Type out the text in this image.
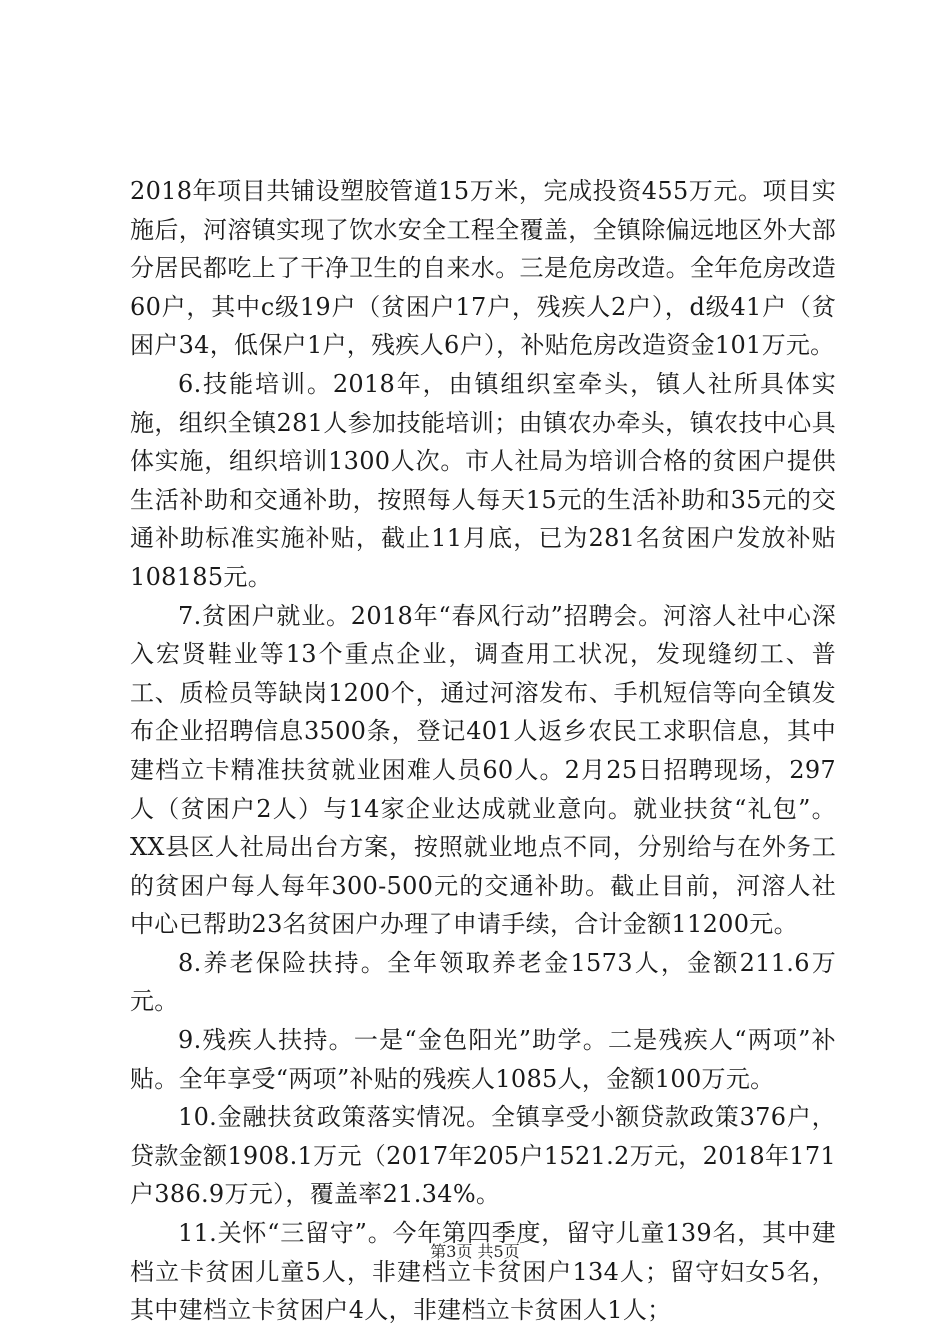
2018年项目共铺设塑胶管道15万米，完成投资455万元。项目实施后，河溶镇实现了饮水安全工程全覆盖，全镇除偏远地区外大部分居民都吃上了干净卫生的自来水。三是危房改造。全年危房改造60户，其中c级19户（贫困户17户，残疾人2户），d级41户（贫困户34，低保户1户，残疾人6户），补贴危房改造资金101万元。

6.技能培训。2018年，由镇组织室牵头，镇人社所具体实施，组织全镇281人参加技能培训；由镇农办牵头，镇农技中心具体实施，组织培训1300人次。市人社局为培训合格的贫困户提供生活补助和交通补助，按照每人每天15元的生活补助和35元的交通补助标准实施补贴，截止11月底，已为281名贫困户发放补贴108185元。

7.贫困户就业。2018年“春风行动”招聘会。河溶人社中心深入宏贤鞋业等13个重点企业，调查用工状况，发现缝纫工、普工、质检员等缺岗1200个，通过河溶发布、手机短信等向全镇发布企业招聘信息3500条，登记401人返乡农民工求职信息，其中建档立卡精准扶贫就业困难人员60人。2月25日招聘现场，297人（贫困户2人）与14家企业达成就业意向。就业扶贫“礼包”。XX县区人社局出台方案，按照就业地点不同，分别给与在外务工的贫困户每人每年300-500元的交通补助。截止目前，河溶人社中心已帮助23名贫困户办理了申请手续，合计金额11200元。

8.养老保险扶持。全年领取养老金1573人，金额211.6万元。

9.残疾人扶持。一是“金色阳光”助学。二是残疾人“两项”补贴。全年享受“两项”补贴的残疾人1085人，金额100万元。

10.金融扶贫政策落实情况。全镇享受小额贷款政策376户，贷款金额1908.1万元（2017年205户1521.2万元，2018年171户386.9万元），覆盖率21.34%。

11.关怀“三留守”。今年第四季度，留守儿童139名，其中建档立卡贫困儿童5人，非建档立卡贫困户134人；留守妇女5名，其中建档立卡贫困户4人，非建档立卡贫困人1人；

第3页 共5页
